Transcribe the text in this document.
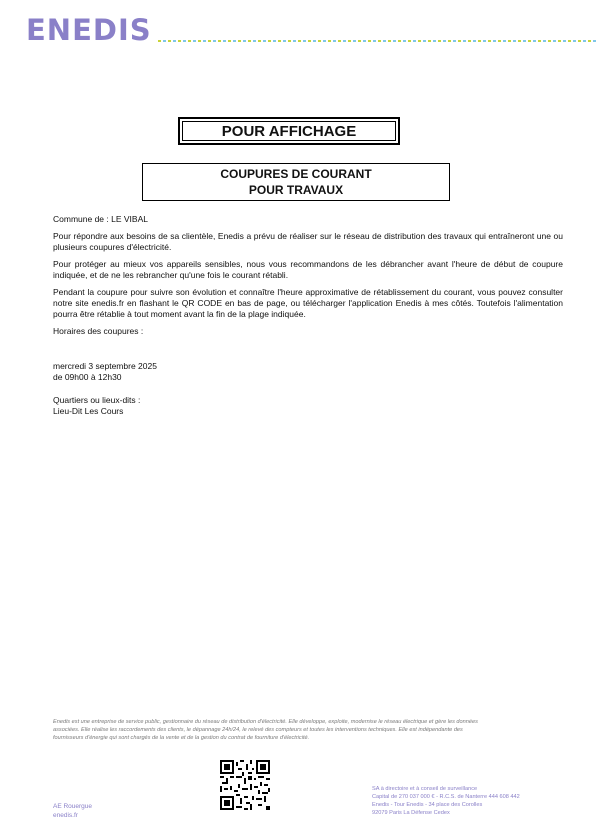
ENEDIS
POUR AFFICHAGE
COUPURES DE COURANT
POUR TRAVAUX

Commune de : LE VIBAL

Pour répondre aux besoins de sa clientèle, Enedis a prévu de réaliser sur le réseau de distribution des travaux qui entraîneront une ou plusieurs coupures d'électricité.

Pour protéger au mieux vos appareils sensibles, nous vous recommandons de les débrancher avant l'heure de début de coupure indiquée, et de ne les rebrancher qu'une fois le courant rétabli.

Pendant la coupure pour suivre son évolution et connaître l'heure approximative de rétablissement du courant, vous pouvez consulter notre site enedis.fr en flashant le QR CODE en bas de page, ou télécharger l'application Enedis à mes côtés. Toutefois l'alimentation pourra être rétablie à tout moment avant la fin de la plage indiquée.

Horaires des coupures :

mercredi 3 septembre 2025

de 09h00 à 12h30

Quartiers ou lieux-dits :

Lieu-Dit Les Cours

Enedis est une entreprise de service public, gestionnaire du réseau de distribution d'électricité. Elle développe, exploite, modernise le réseau électrique et gère les données
associées. Elle réalise les raccordements des clients, le dépannage 24h/24, le relevé des compteurs et toutes les interventions techniques. Elle est indépendante des
fournisseurs d'énergie qui sont chargés de la vente et de la gestion du contrat de fourniture d'électricité.
AE Rouergue
enedis.fr
SA à directoire et à conseil de surveillance
Capital de 270 037 000 € - R.C.S. de Nanterre 444 608 442
Enedis - Tour Enedis - 34 place des Corolles
92079 Paris La Défense Cedex
